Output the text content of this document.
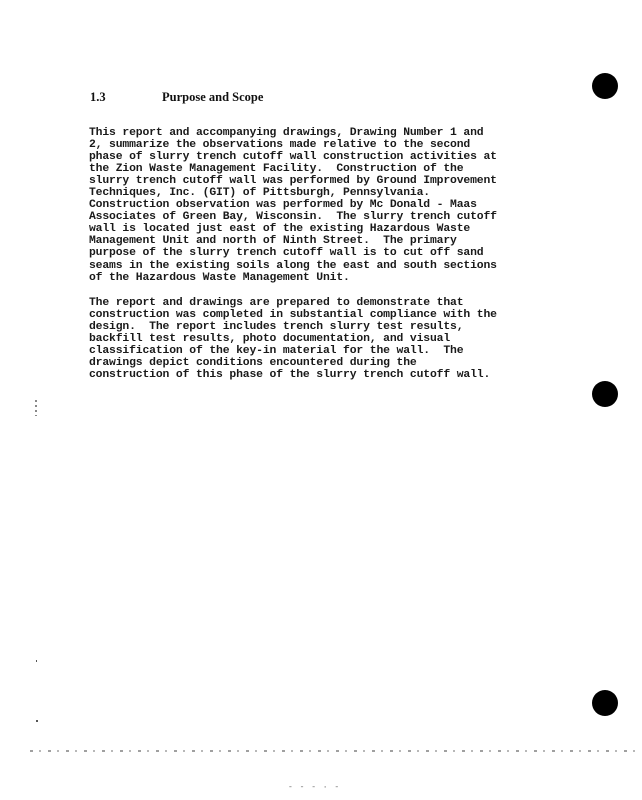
1.3	Purpose and Scope

This report and accompanying drawings, Drawing Number 1 and
2, summarize the observations made relative to the second
phase of slurry trench cutoff wall construction activities at
the Zion Waste Management Facility.  Construction of the
slurry trench cutoff wall was performed by Ground Improvement
Techniques, Inc. (GIT) of Pittsburgh, Pennsylvania.
Construction observation was performed by Mc Donald - Maas
Associates of Green Bay, Wisconsin.  The slurry trench cutoff
wall is located just east of the existing Hazardous Waste
Management Unit and north of Ninth Street.  The primary
purpose of the slurry trench cutoff wall is to cut off sand
seams in the existing soils along the east and south sections
of the Hazardous Waste Management Unit.

The report and drawings are prepared to demonstrate that
construction was completed in substantial compliance with the
design.  The report includes trench slurry test results,
backfill test results, photo documentation, and visual
classification of the key-in material for the wall.  The
drawings depict conditions encountered during the
construction of this phase of the slurry trench cutoff wall.

- - - · -
